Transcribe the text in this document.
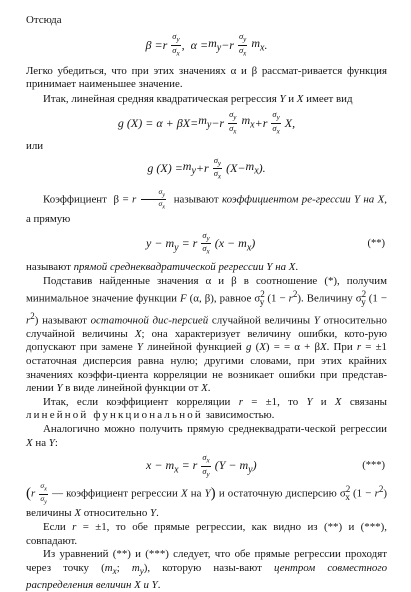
Отсюда

β = r
$\frac{\sigma_y}{\sigma_x}$ ,  $\alpha = m_y - r$
$\frac{\sigma_y}{\sigma_x}$
$m_x$ .

Легко убедиться, что при этих значениях α и β рассмат-ривается функция принимает наименьшее значение.

Итак, линейная средняя квадратическая регрессия Y и X имеет вид

g ( X ) = α + β $X = m_y - r$
$\frac{\sigma_y}{\sigma_x}$
$m_x + r$
$\frac{\sigma_y}{\sigma_x}$
X ,

или

g ( X ) = $m_y + r$
$\frac{\sigma_y}{\sigma_x}$ ( $X - m_x$ ).

Коэффициент  β = r $\frac{\sigma_y}{\sigma_x}$ называют коэффициентом ре-грессии Y на X, а прямую

$y - m_y = r \frac{\sigma_y}{\sigma_x} (x - m_x)$	(**)

называют прямой среднеквадратической регрессии Y на X.

Подставив найденные значения α и β в соотношение (*), получим минимальное значение функции F (α, β), равное $\sigma^2_y$ $(1 - r^2)$. Величину $\sigma^2_y$ $(1 - r^2)$ называют остаточной дис-персией случайной величины Y относительно случайной величины X; она характеризует величину ошибки, кото-рую допускают при замене Y линейной функцией g (X) = = α + βX. При r = ±1 остаточная дисперсия равна нулю; другими словами, при этих крайних значениях коэффи-циента корреляции не возникает ошибки при представ-лении Y в виде линейной функции от X.

Итак, если коэффициент корреляции r = ±1, то Y и X связаны линейной функциональной зависимостью.

Аналогично можно получить прямую среднеквадрати-ческой регрессии X на Y:

$x - m_x = r \frac{\sigma_x}{\sigma_y} (Y - m_y)$	(***)

($r \frac{\sigma_x}{\sigma_y}$ — коэффициент регрессии X на Y) и остаточную дисперсию $\sigma^2_x$ $(1 - r^2)$ величины X относительно Y.

Если r = ±1, то обе прямые регрессии, как видно из (**) и (***), совпадают.

Из уравнений (**) и (***) следует, что обе прямые регрессии проходят через точку ($m_x$; $m_y$), которую назы-вают центром совместного распределения величин X и Y.
